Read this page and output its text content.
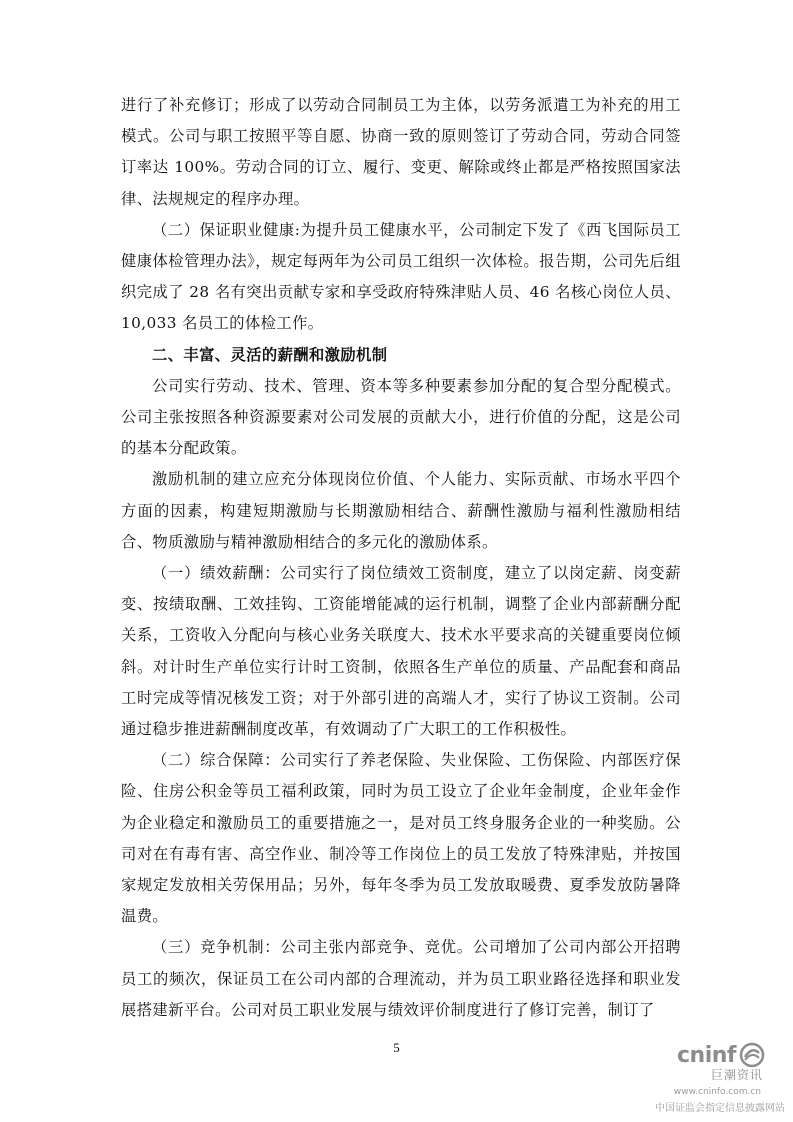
进行了补充修订；形成了以劳动合同制员工为主体，以劳务派遣工为补充的用工模式。公司与职工按照平等自愿、协商一致的原则签订了劳动合同，劳动合同签订率达 100%。劳动合同的订立、履行、变更、解除或终止都是严格按照国家法律、法规规定的程序办理。

（二）保证职业健康:为提升员工健康水平，公司制定下发了《西飞国际员工健康体检管理办法》，规定每两年为公司员工组织一次体检。报告期，公司先后组织完成了 28 名有突出贡献专家和享受政府特殊津贴人员、46 名核心岗位人员、10,033 名员工的体检工作。

二、丰富、灵活的薪酬和激励机制

公司实行劳动、技术、管理、资本等多种要素参加分配的复合型分配模式。公司主张按照各种资源要素对公司发展的贡献大小，进行价值的分配，这是公司的基本分配政策。

激励机制的建立应充分体现岗位价值、个人能力、实际贡献、市场水平四个方面的因素，构建短期激励与长期激励相结合、薪酬性激励与福利性激励相结合、物质激励与精神激励相结合的多元化的激励体系。

（一）绩效薪酬：公司实行了岗位绩效工资制度，建立了以岗定薪、岗变薪变、按绩取酬、工效挂钩、工资能增能减的运行机制，调整了企业内部薪酬分配关系，工资收入分配向与核心业务关联度大、技术水平要求高的关键重要岗位倾斜。对计时生产单位实行计时工资制，依照各生产单位的质量、产品配套和商品工时完成等情况核发工资；对于外部引进的高端人才，实行了协议工资制。公司通过稳步推进薪酬制度改革，有效调动了广大职工的工作积极性。

（二）综合保障：公司实行了养老保险、失业保险、工伤保险、内部医疗保险、住房公积金等员工福利政策，同时为员工设立了企业年金制度，企业年金作为企业稳定和激励员工的重要措施之一，是对员工终身服务企业的一种奖励。公司对在有毒有害、高空作业、制冷等工作岗位上的员工发放了特殊津贴，并按国家规定发放相关劳保用品；另外，每年冬季为员工发放取暖费、夏季发放防暑降温费。

（三）竞争机制：公司主张内部竞争、竞优。公司增加了公司内部公开招聘员工的频次，保证员工在公司内部的合理流动，并为员工职业路径选择和职业发展搭建新平台。公司对员工职业发展与绩效评价制度进行了修订完善，制订了

5	cninf
巨潮资讯
www.cninfo.com.cn
中国证监会指定信息披露网站
